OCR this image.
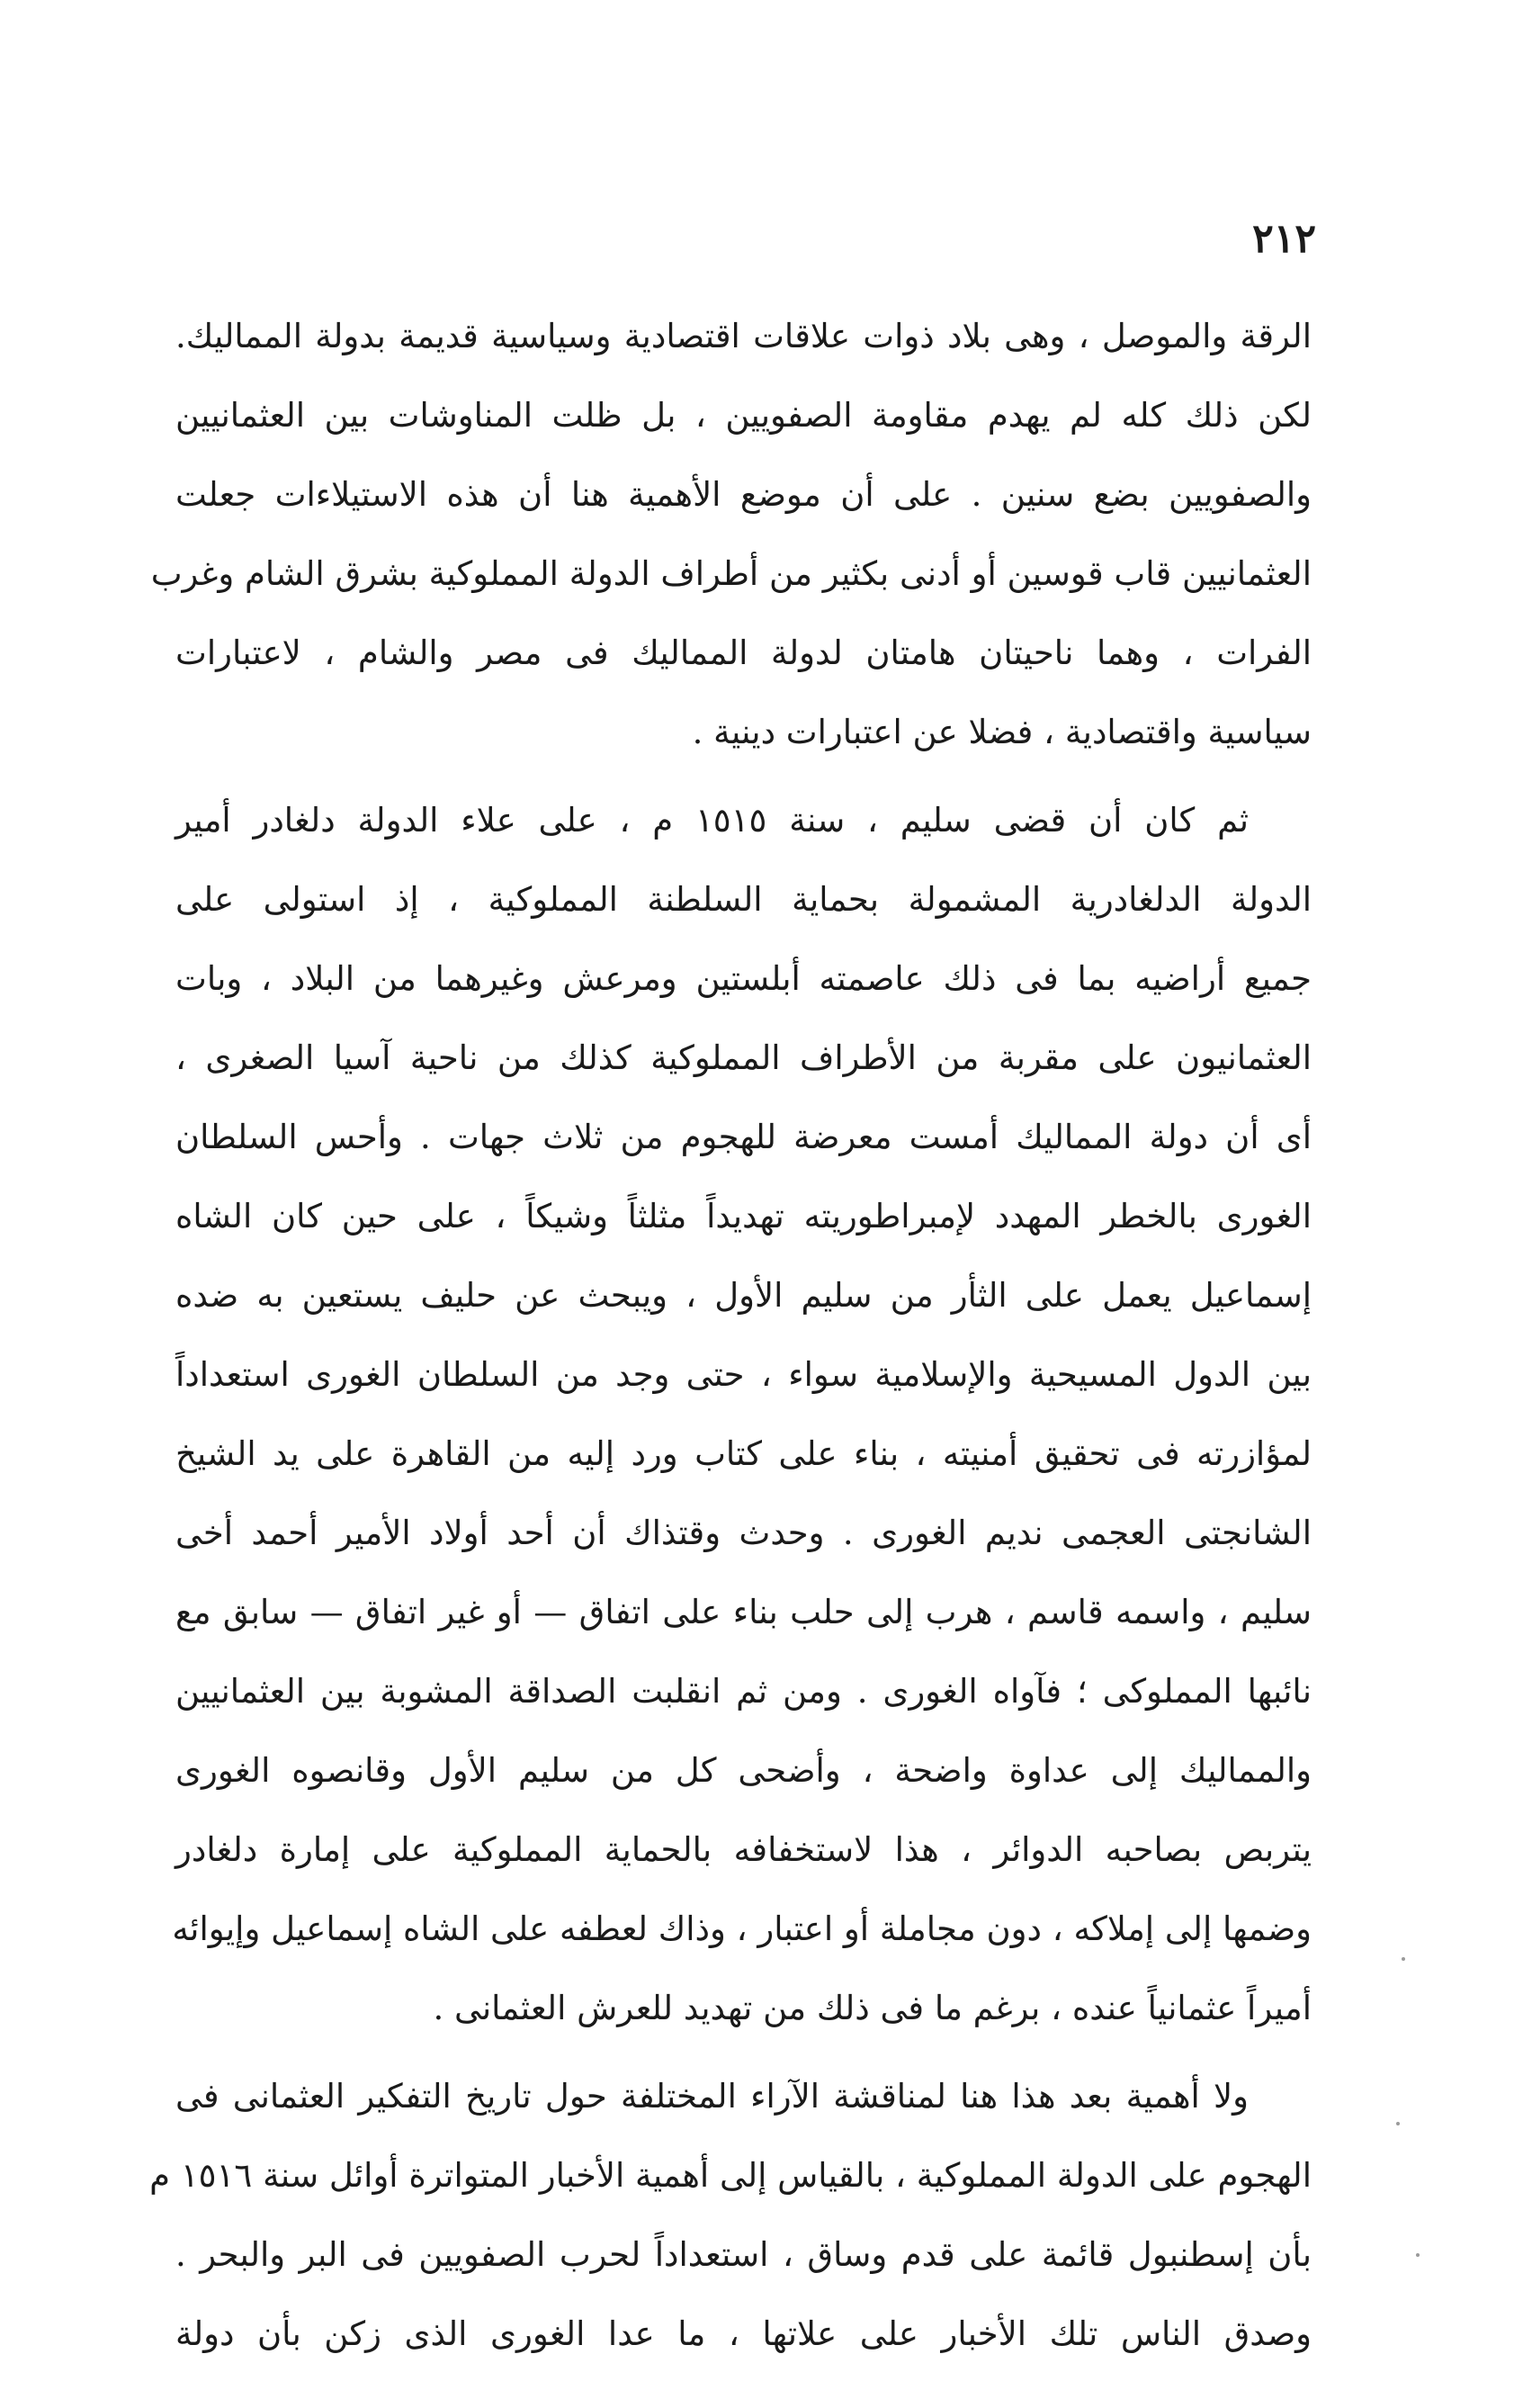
٢١٢
الرقة والموصل ، وهى بلاد ذوات علاقات اقتصادية وسياسية قديمة بدولة المماليك.
لكن ذلك كله لم يهدم مقاومة الصفويين ، بل ظلت المناوشات بين العثمانيين
والصفويين بضع سنين . على أن موضع الأهمية هنا أن هذه الاستيلاءات جعلت
العثمانيين قاب قوسين أو أدنى بكثير من أطراف الدولة المملوكية بشرق الشام وغرب
الفرات ، وهما ناحيتان هامتان لدولة المماليك فى مصر والشام ، لاعتبارات
سياسية واقتصادية ، فضلا عن اعتبارات دينية .
ثم كان أن قضى سليم ، سنة ١٥١٥ م ، على علاء الدولة دلغادر أمير
الدولة الدلغادرية المشمولة بحماية السلطنة المملوكية ، إذ استولى على
جميع أراضيه بما فى ذلك عاصمته أبلستين ومرعش وغيرهما من البلاد ، وبات
العثمانيون على مقربة من الأطراف المملوكية كذلك من ناحية آسيا الصغرى ،
أى أن دولة المماليك أمست معرضة للهجوم من ثلاث جهات . وأحس السلطان
الغورى بالخطر المهدد لإمبراطوريته تهديداً مثلثاً وشيكاً ، على حين كان الشاه
إسماعيل يعمل على الثأر من سليم الأول ، ويبحث عن حليف يستعين به ضده
بين الدول المسيحية والإسلامية سواء ، حتى وجد من السلطان الغورى استعداداً
لمؤازرته فى تحقيق أمنيته ، بناء على كتاب ورد إليه من القاهرة على يد الشيخ
الشانجتى العجمى نديم الغورى . وحدث وقتذاك أن أحد أولاد الأمير أحمد أخى
سليم ، واسمه قاسم ، هرب إلى حلب بناء على اتفاق — أو غير اتفاق — سابق مع
نائبها المملوكى ؛ فآواه الغورى . ومن ثم انقلبت الصداقة المشوبة بين العثمانيين
والمماليك إلى عداوة واضحة ، وأضحى كل من سليم الأول وقانصوه الغورى
يتربص بصاحبه الدوائر ، هذا لاستخفافه بالحماية المملوكية على إمارة دلغادر
وضمها إلى إملاكه ، دون مجاملة أو اعتبار ، وذاك لعطفه على الشاه إسماعيل وإيوائه
أميراً عثمانياً عنده ، برغم ما فى ذلك من تهديد للعرش العثمانى .
ولا أهمية بعد هذا هنا لمناقشة الآراء المختلفة حول تاريخ التفكير العثمانى فى
الهجوم على الدولة المملوكية ، بالقياس إلى أهمية الأخبار المتواترة أوائل سنة ١٥١٦ م
بأن إسطنبول قائمة على قدم وساق ، استعداداً لحرب الصفويين فى البر والبحر .
وصدق الناس تلك الأخبار على علاتها ، ما عدا الغورى الذى زكن بأن دولة
